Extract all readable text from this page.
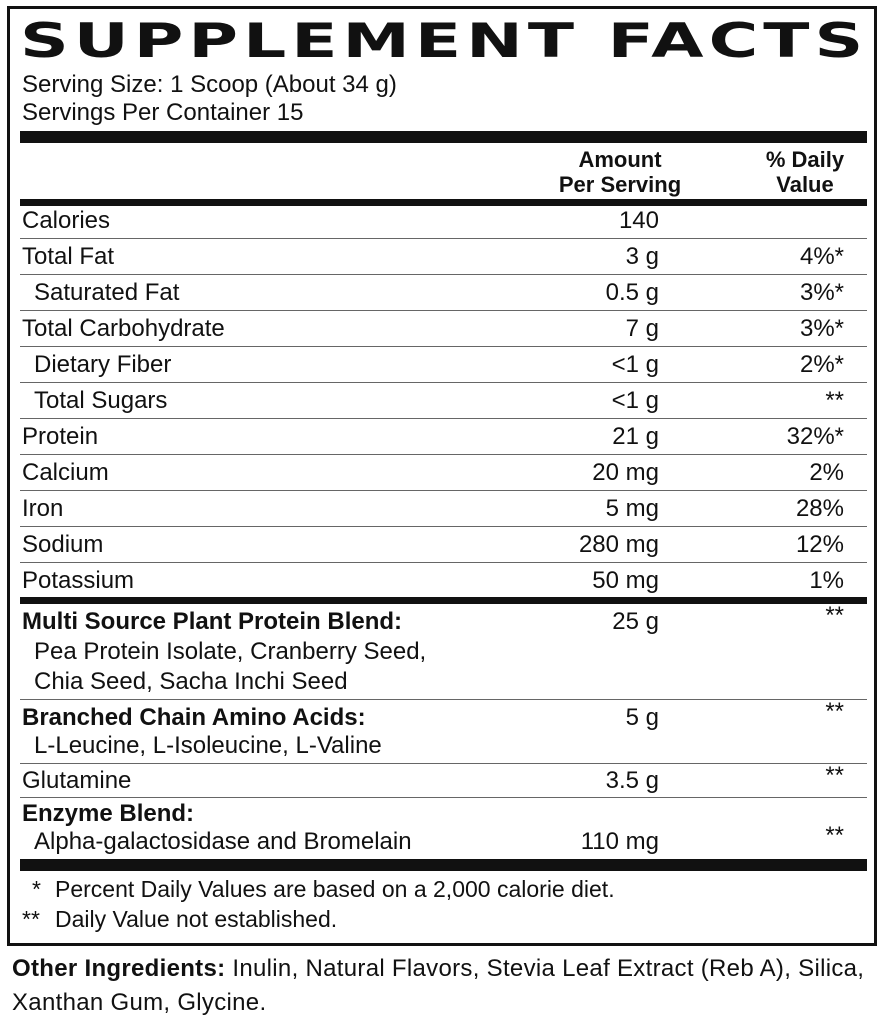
SUPPLEMENT FACTS
Serving Size: 1 Scoop (About 34 g)
Servings Per Container 15
Amount
Per Serving
% Daily
Value
Calories	140
Total Fat	3 g	4%*
Saturated Fat	0.5 g	3%*
Total Carbohydrate	7 g	3%*
Dietary Fiber	<1 g	2%*
Total Sugars	<1 g	**
Protein	21 g	32%*
Calcium	20 mg	2%
Iron	5 mg	28%
Sodium	280 mg	12%
Potassium	50 mg	1%
Multi Source Plant Protein Blend:	25 g	**
Pea Protein Isolate, Cranberry Seed,
Chia Seed, Sacha Inchi Seed
Branched Chain Amino Acids:	5 g	**
L-Leucine, L-Isoleucine, L-Valine
Glutamine	3.5 g	**
Enzyme Blend:
Alpha-galactosidase and Bromelain	110 mg	**
* Percent Daily Values are based on a 2,000 calorie diet.
** Daily Value not established.
Other Ingredients: Inulin, Natural Flavors, Stevia Leaf Extract (Reb A), Silica, Xanthan Gum, Glycine.
